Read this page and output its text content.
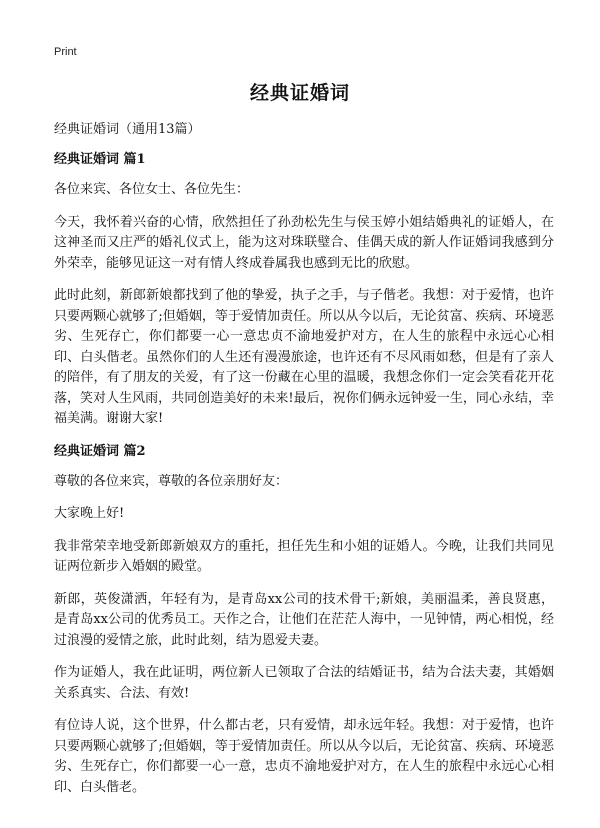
Print
经典证婚词
经典证婚词（通用13篇）
经典证婚词 篇1

各位来宾、各位女士、各位先生：

今天，我怀着兴奋的心情，欣然担任了孙劲松先生与侯玉婷小姐结婚典礼的证婚人，在这神圣而又庄严的婚礼仪式上，能为这对珠联璧合、佳偶天成的新人作证婚词我感到分外荣幸，能够见证这一对有情人终成眷属我也感到无比的欣慰。

此时此刻，新郎新娘都找到了他的挚爱，执子之手，与子偕老。我想：对于爱情，也许只要两颗心就够了;但婚姻，等于爱情加责任。所以从今以后，无论贫富、疾病、环境恶劣、生死存亡，你们都要一心一意忠贞不渝地爱护对方，在人生的旅程中永远心心相印、白头偕老。虽然你们的人生还有漫漫旅途，也许还有不尽风雨如愁，但是有了亲人的陪伴，有了朋友的关爱，有了这一份藏在心里的温暖，我想念你们一定会笑看花开花落，笑对人生风雨，共同创造美好的未来!最后，祝你们俩永远钟爱一生，同心永结，幸福美满。谢谢大家!

经典证婚词 篇2

尊敬的各位来宾，尊敬的各位亲朋好友：

大家晚上好!

我非常荣幸地受新郎新娘双方的重托，担任先生和小姐的证婚人。今晚，让我们共同见证两位新步入婚姻的殿堂。

新郎，英俊潇洒，年轻有为，是青岛xx公司的技术骨干;新娘，美丽温柔，善良贤惠，是青岛xx公司的优秀员工。天作之合，让他们在茫茫人海中，一见钟情，两心相悦，经过浪漫的爱情之旅，此时此刻，结为恩爱夫妻。

作为证婚人，我在此证明，两位新人已领取了合法的结婚证书，结为合法夫妻，其婚姻关系真实、合法、有效!

有位诗人说，这个世界，什么都古老，只有爱情，却永远年轻。我想：对于爱情，也许只要两颗心就够了;但婚姻，等于爱情加责任。所以从今以后，无论贫富、疾病、环境恶劣、生死存亡，你们都要一心一意，忠贞不渝地爱护对方，在人生的旅程中永远心心相印、白头偕老。
